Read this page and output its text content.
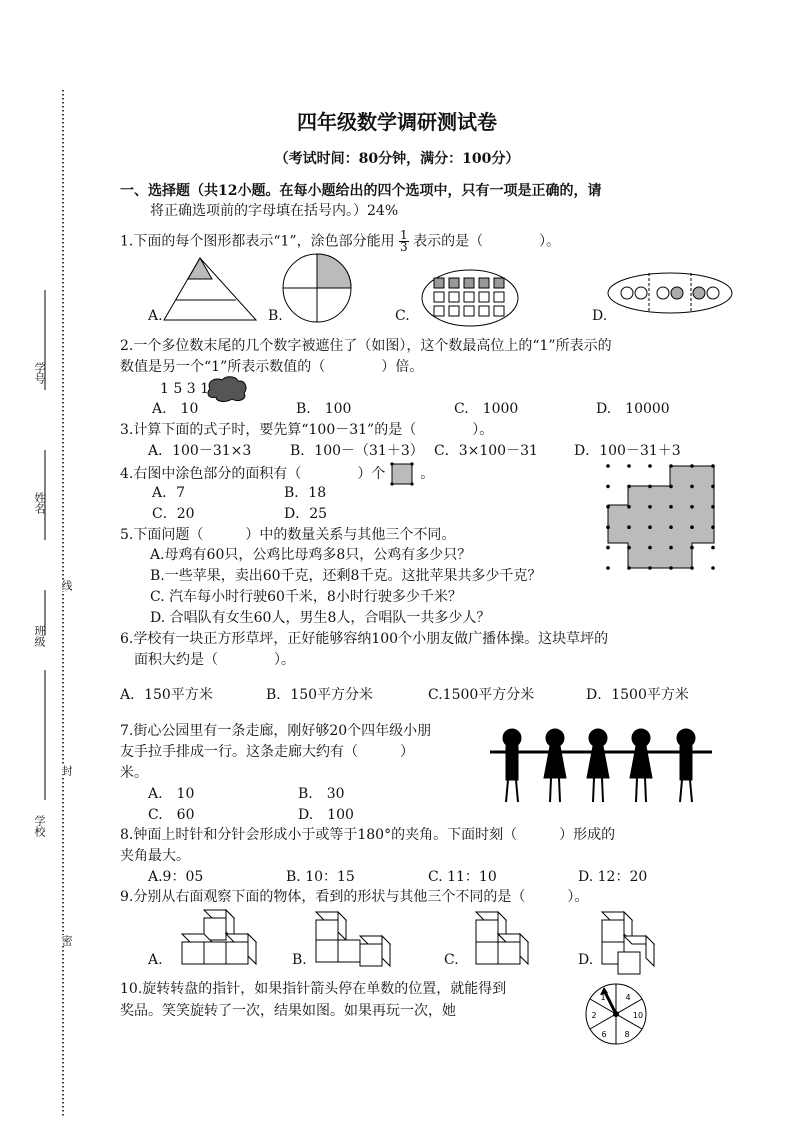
学号
姓名
班级
学校
线
封
密
四年级数学调研测试卷
（考试时间：80分钟，满分：100分）
一、选择题（共12小题。在每小题给出的四个选项中，只有一项是正确的，请
将正确选项前的字母填在括号内。）24%
1.下面的每个图形都表示“1”，涂色部分能用 $\frac{1}{3}$ 表示的是（　　　　）。
A.	B.	C.	D.
2.一个多位数末尾的几个数字被遮住了（如图），这个数最高位上的“1”所表示的
数值是另一个“1”所表示数值的（　　　　）倍。
1 5 3 1
A.　10	B.　100	C.　1000	D.　10000
3.计算下面的式子时，要先算“100－31”的是（　　　　）。
A．100－31×3	B．100－（31＋3） C．3×100－31	D．100－31＋3
4.右图中涂色部分的面积有（　　　　）个 。
A．7	B．18
C．20	D．25
5.下面问题（　　　）中的数量关系与其他三个不同。
A.母鸡有60只，公鸡比母鸡多8只，公鸡有多少只？
B.一些苹果，卖出60千克，还剩8千克。这批苹果共多少千克？
C. 汽车每小时行驶60千米，8小时行驶多少千米？
D. 合唱队有女生60人，男生8人，合唱队一共多少人？
6.学校有一块正方形草坪，正好能够容纳100个小朋友做广播体操。这块草坪的
面积大约是（　　　　）。
A．150平方米	B．150平方分米	C.1500平方分米	D．1500平方米
7.街心公园里有一条走廊，刚好够20个四年级小朋
友手拉手排成一行。这条走廊大约有（　　　）
米。
A.　10	B.　30
C.　60	D.　100
8.钟面上时针和分针会形成小于或等于180°的夹角。下面时刻（　　　）形成的
夹角最大。
A.9：05	B. 10：15	C. 11：10	D. 12：20
9.分别从右面观察下面的物体，看到的形状与其他三个不同的是（　　　）。
A.	B.	C.	D.
10.旋转转盘的指针，如果指针箭头停在单数的位置，就能得到
奖品。笑笑旋转了一次，结果如图。如果再玩一次，她
1 4
2	10
6 8
